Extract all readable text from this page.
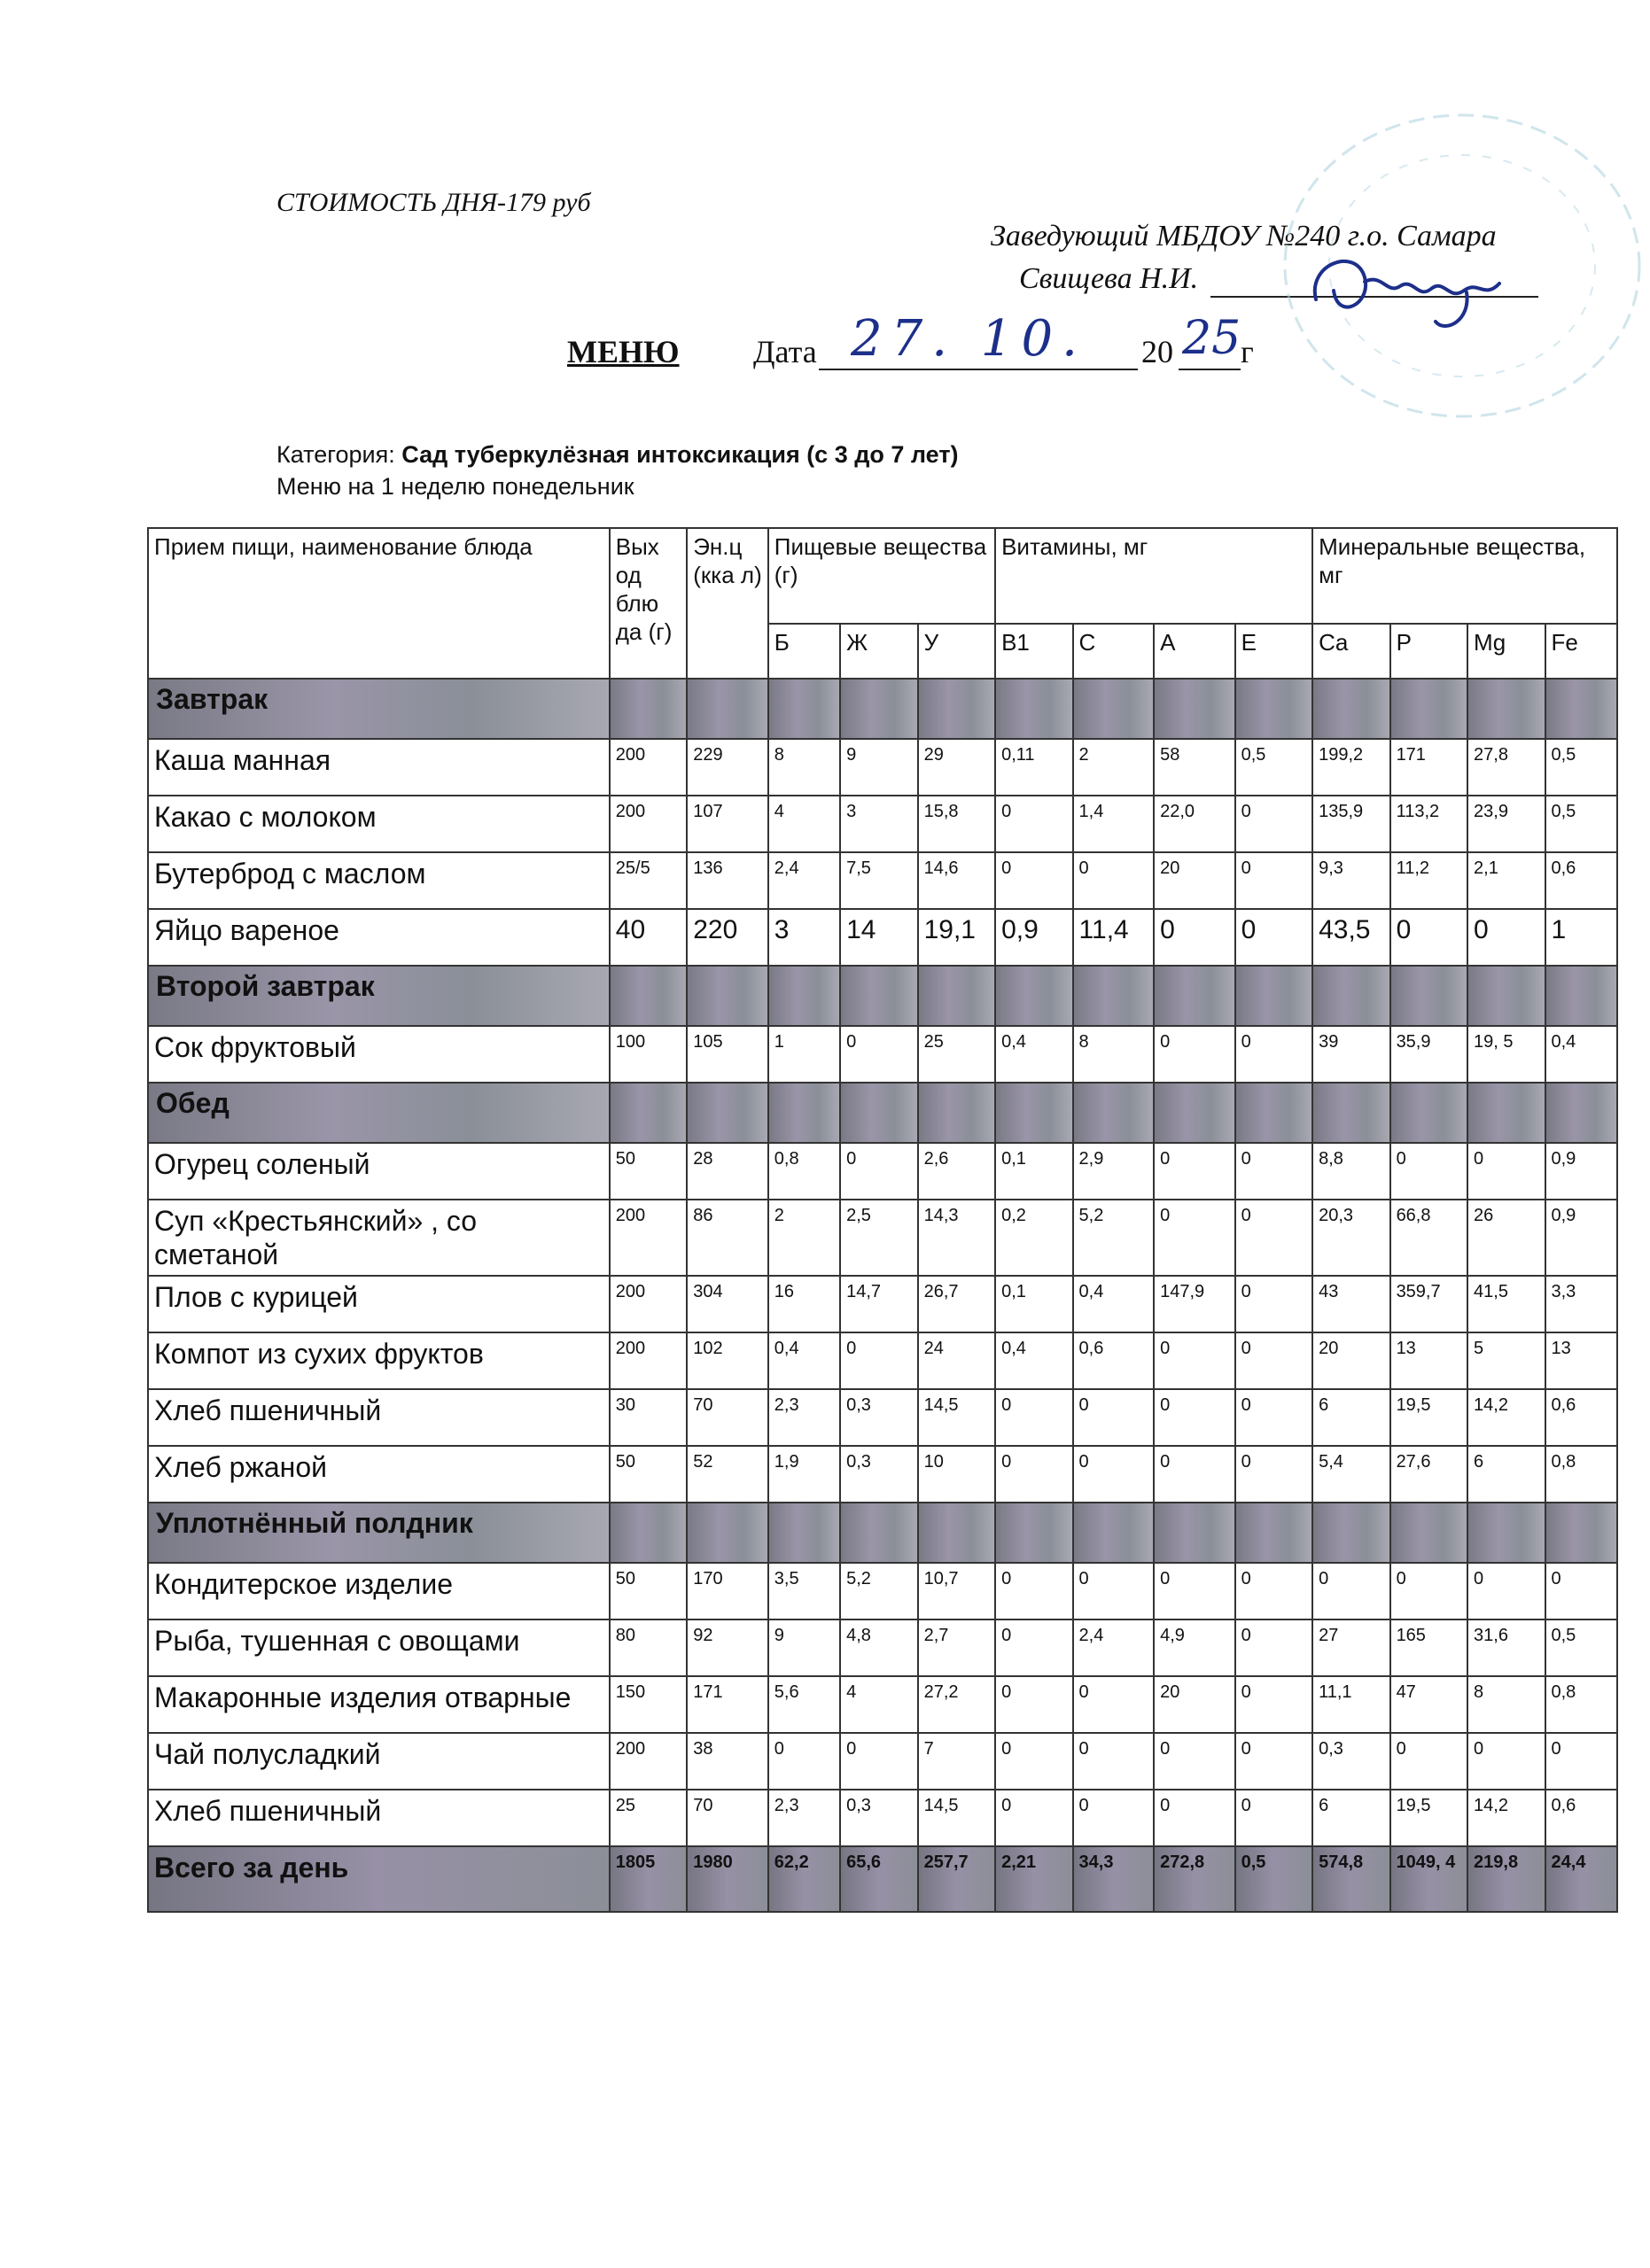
СТОИМОСТЬ ДНЯ-179 руб
Заведующий МБДОУ №240 г.о. Самара
Свищева Н.И.
МЕНЮ Дата 27. 10. 20 25 г
Категория: Сад туберкулёзная интоксикация (с 3 до 7 лет)
Меню на 1 неделю понедельник
Прием пищи, наименование блюда	Вых од блю да (г)	Эн.ц (кка л)	Пищевые вещества (г)			Витамины, мг				Минеральные вещества, мг			
			Б	Ж	У	В1	С	А	Е	Ca	P	Mg	Fe
Завтрак													
Каша манная	200	229	8	9	29	0,11	2	58	0,5	199,2	171	27,8	0,5
Какао с молоком	200	107	4	3	15,8	0	1,4	22,0	0	135,9	113,2	23,9	0,5
Бутерброд с маслом	25/5	136	2,4	7,5	14,6	0	0	20	0	9,3	11,2	2,1	0,6
Яйцо вареное	40	220	3	14	19,1	0,9	11,4	0	0	43,5	0	0	1
Второй завтрак													
Сок фруктовый	100	105	1	0	25	0,4	8	0	0	39	35,9	19, 5	0,4
Обед													
Огурец соленый	50	28	0,8	0	2,6	0,1	2,9	0	0	8,8	0	0	0,9
Суп «Крестьянский» , со сметаной	200	86	2	2,5	14,3	0,2	5,2	0	0	20,3	66,8	26	0,9
Плов с курицей	200	304	16	14,7	26,7	0,1	0,4	147,9	0	43	359,7	41,5	3,3
Компот из сухих фруктов	200	102	0,4	0	24	0,4	0,6	0	0	20	13	5	13
Хлеб пшеничный	30	70	2,3	0,3	14,5	0	0	0	0	6	19,5	14,2	0,6
Хлеб ржаной	50	52	1,9	0,3	10	0	0	0	0	5,4	27,6	6	0,8
Уплотнённый полдник													
Кондитерское изделие	50	170	3,5	5,2	10,7	0	0	0	0	0	0	0	0
Рыба, тушенная с овощами	80	92	9	4,8	2,7	0	2,4	4,9	0	27	165	31,6	0,5
Макаронные изделия отварные	150	171	5,6	4	27,2	0	0	20	0	11,1	47	8	0,8
Чай полусладкий	200	38	0	0	7	0	0	0	0	0,3	0	0	0
Хлеб пшеничный	25	70	2,3	0,3	14,5	0	0	0	0	6	19,5	14,2	0,6
Всего за день	1805	1980	62,2	65,6	257,7	2,21	34,3	272,8	0,5	574,8	1049, 4	219,8	24,4
